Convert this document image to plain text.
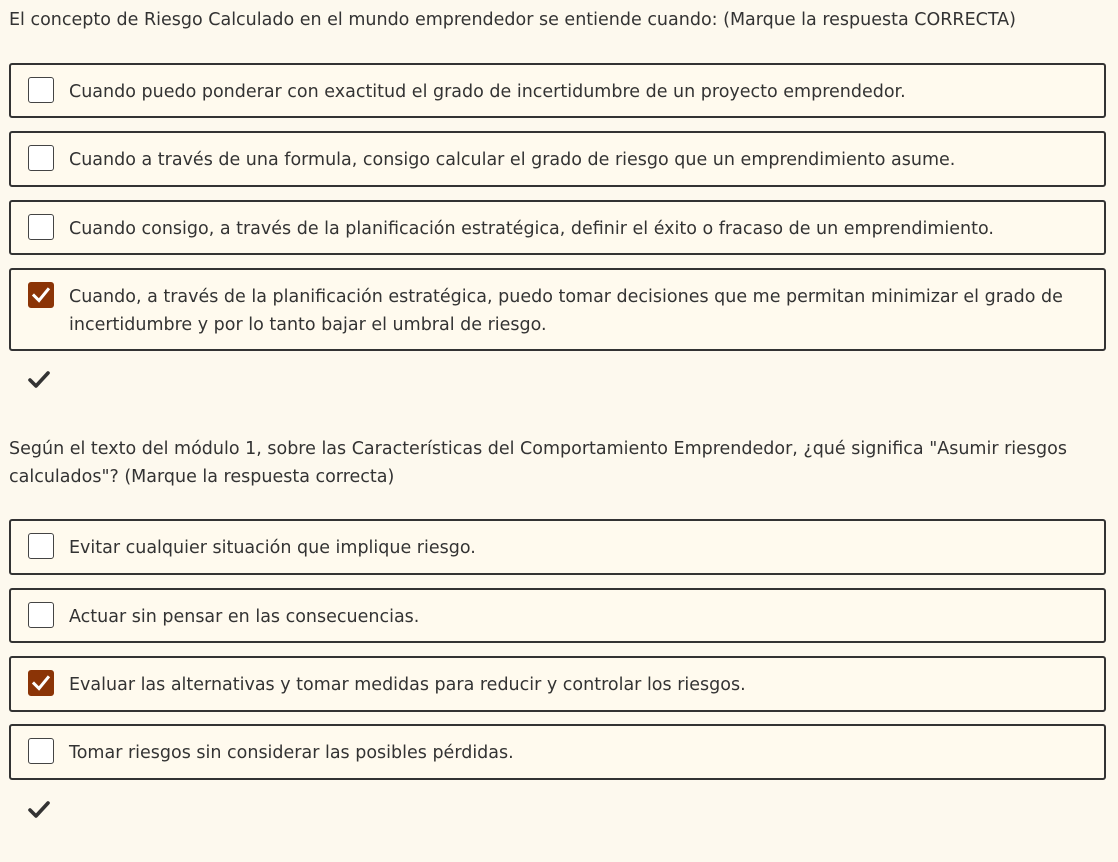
El concepto de Riesgo Calculado en el mundo emprendedor se entiende cuando: (Marque la respuesta CORRECTA)

Cuando puedo ponderar con exactitud el grado de incertidumbre de un proyecto emprendedor.
Cuando a través de una formula, consigo calcular el grado de riesgo que un emprendimiento asume.
Cuando consigo, a través de la planificación estratégica, definir el éxito o fracaso de un emprendimiento.
Cuando, a través de la planificación estratégica, puedo tomar decisiones que me permitan minimizar el grado de incertidumbre y por lo tanto bajar el umbral de riesgo.

Según el texto del módulo 1, sobre las Características del Comportamiento Emprendedor, ¿qué significa "Asumir riesgos calculados"? (Marque la respuesta correcta)

Evitar cualquier situación que implique riesgo.
Actuar sin pensar en las consecuencias.
Evaluar las alternativas y tomar medidas para reducir y controlar los riesgos.
Tomar riesgos sin considerar las posibles pérdidas.
